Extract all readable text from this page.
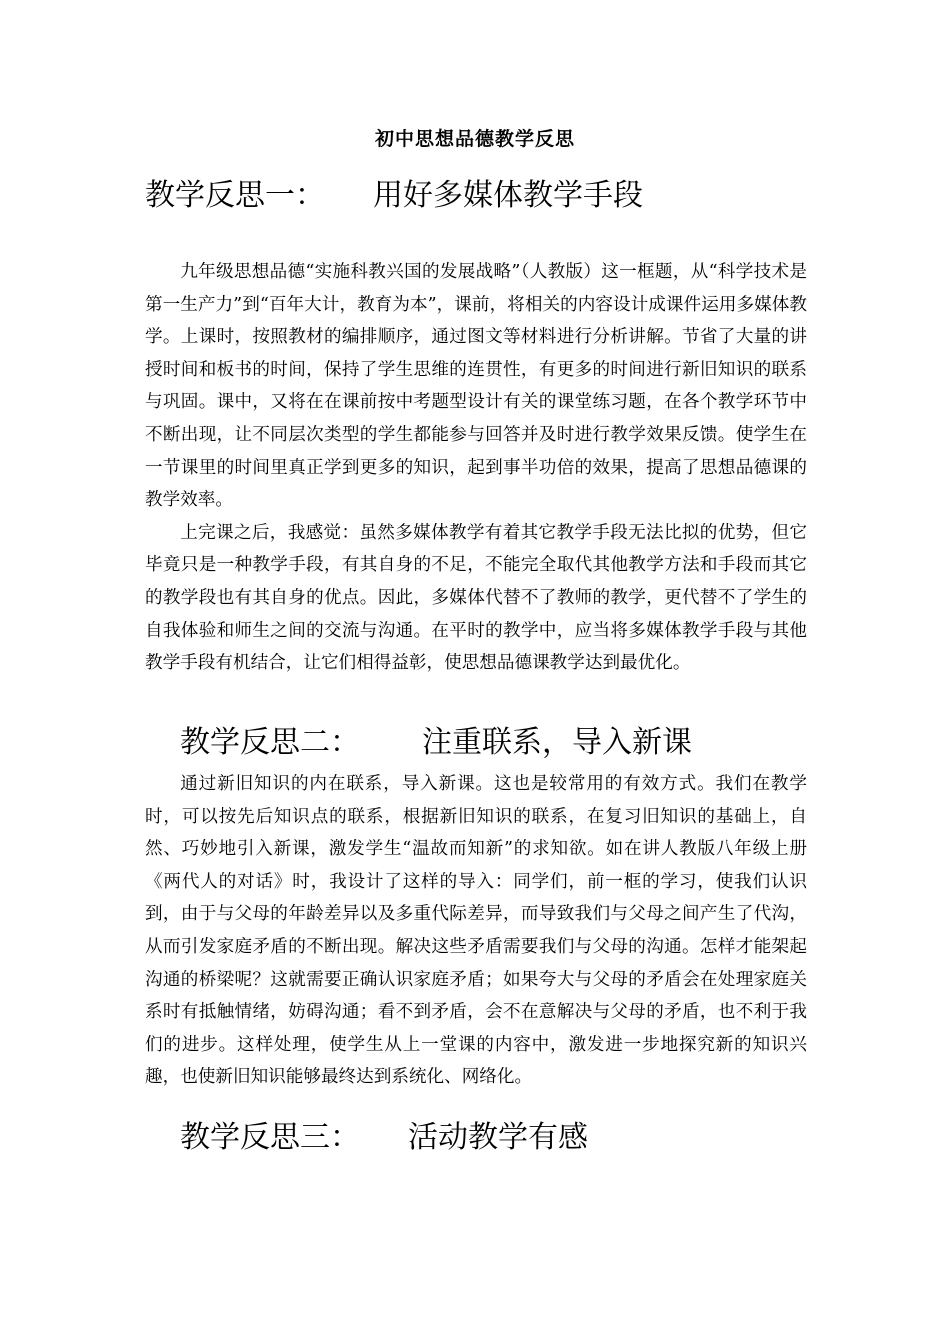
初中思想品德教学反思
教学反思一： 用好多媒体教学手段

九年级思想品德“实施科教兴国的发展战略”（人教版）这一框题，从“科学技术是第一生产力”到“百年大计，教育为本”，课前，将相关的内容设计成课件运用多媒体教学。上课时，按照教材的编排顺序，通过图文等材料进行分析讲解。节省了大量的讲授时间和板书的时间，保持了学生思维的连贯性，有更多的时间进行新旧知识的联系与巩固。课中，又将在在课前按中考题型设计有关的课堂练习题，在各个教学环节中不断出现，让不同层次类型的学生都能参与回答并及时进行教学效果反馈。使学生在一节课里的时间里真正学到更多的知识，起到事半功倍的效果，提高了思想品德课的教学效率。

上完课之后，我感觉：虽然多媒体教学有着其它教学手段无法比拟的优势，但它毕竟只是一种教学手段，有其自身的不足，不能完全取代其他教学方法和手段而其它的教学段也有其自身的优点。因此，多媒体代替不了教师的教学，更代替不了学生的自我体验和师生之间的交流与沟通。在平时的教学中，应当将多媒体教学手段与其他教学手段有机结合，让它们相得益彰，使思想品德课教学达到最优化。

教学反思二： 注重联系，导入新课

通过新旧知识的内在联系，导入新课。这也是较常用的有效方式。我们在教学时，可以按先后知识点的联系，根据新旧知识的联系，在复习旧知识的基础上，自然、巧妙地引入新课，激发学生“温故而知新”的求知欲。如在讲人教版八年级上册《两代人的对话》时，我设计了这样的导入：同学们，前一框的学习，使我们认识到，由于与父母的年龄差异以及多重代际差异，而导致我们与父母之间产生了代沟，从而引发家庭矛盾的不断出现。解决这些矛盾需要我们与父母的沟通。怎样才能架起沟通的桥梁呢？这就需要正确认识家庭矛盾；如果夸大与父母的矛盾会在处理家庭关系时有抵触情绪，妨碍沟通；看不到矛盾，会不在意解决与父母的矛盾，也不利于我们的进步。这样处理，使学生从上一堂课的内容中，激发进一步地探究新的知识兴趣，也使新旧知识能够最终达到系统化、网络化。

教学反思三： 活动教学有感
